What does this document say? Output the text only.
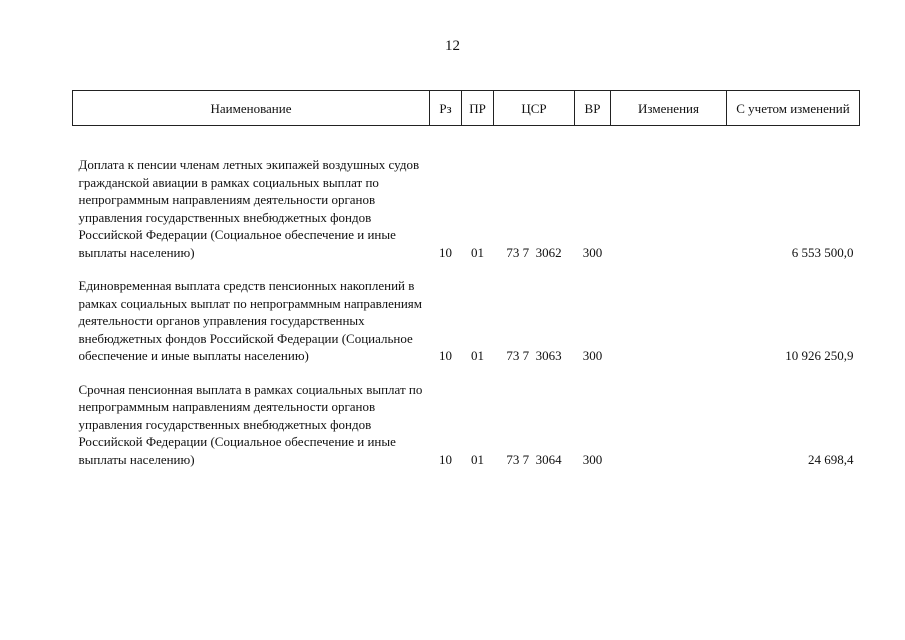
12
Наименование	Рз	ПР	ЦСР	ВР	Изменения	С учетом изменений
Доплата к пенсии членам летных экипажей воздушных судов гражданской авиации в рамках социальных выплат по непрограммным направлениям деятельности органов управления государственных внебюджетных фондов Российской Федерации (Социальное обеспечение и иные выплаты населению)	10	01	73 7  3062	300		6 553 500,0
Единовременная выплата средств пенсионных накоплений в рамках социальных выплат по непрограммным направлениям деятельности органов управления государственных внебюджетных фондов Российской Федерации (Социальное обеспечение и иные выплаты населению)	10	01	73 7  3063	300		10 926 250,9
Срочная пенсионная выплата в рамках социальных выплат по непрограммным направлениям деятельности органов управления государственных внебюджетных фондов Российской Федерации (Социальное обеспечение и иные выплаты населению)	10	01	73 7  3064	300		24 698,4
